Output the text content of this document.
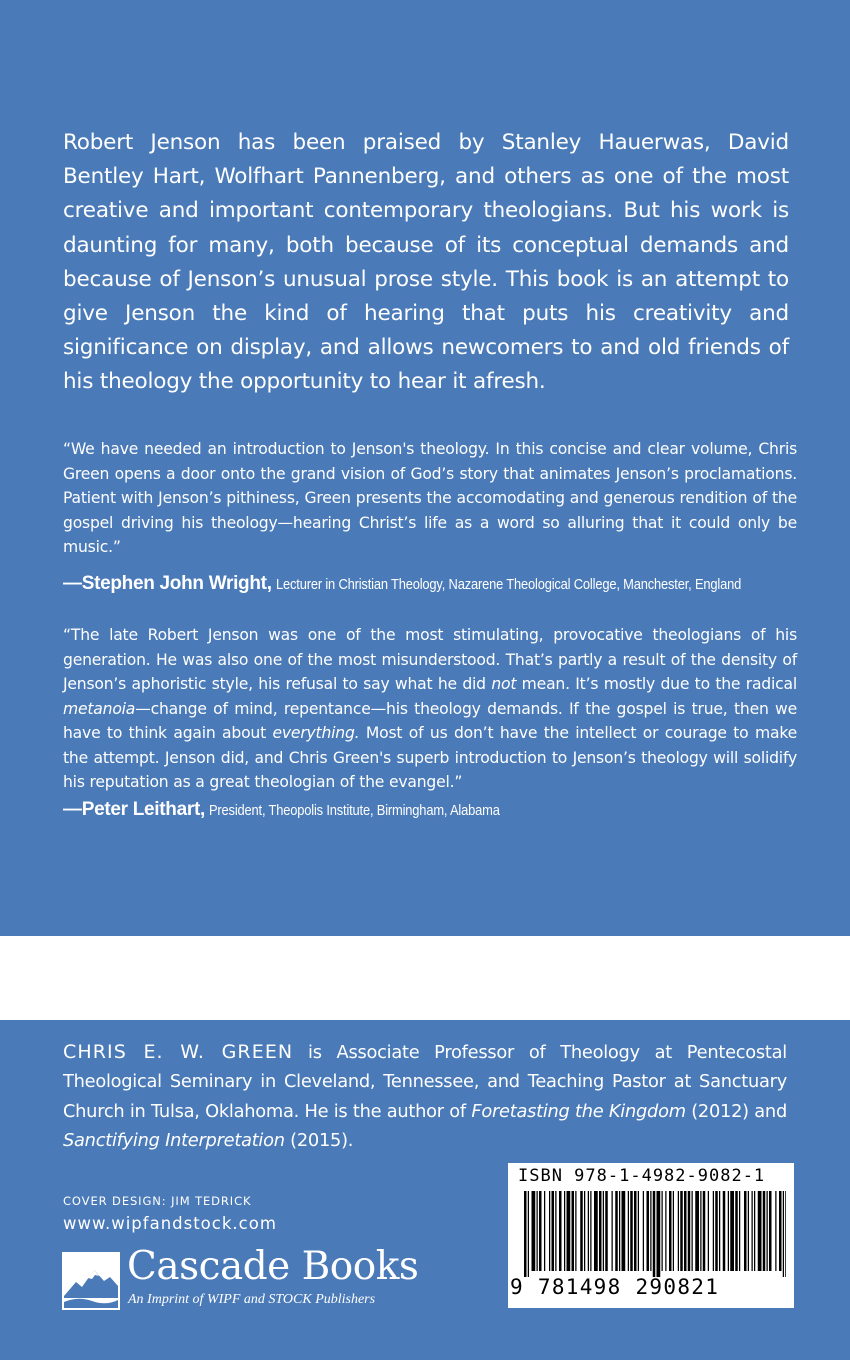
Robert Jenson has been praised by Stanley Hauerwas, David Bentley Hart, Wolfhart Pannenberg, and others as one of the most creative and important contemporary theologians. But his work is daunting for many, both because of its conceptual demands and because of Jenson’s unusual prose style. This book is an attempt to give Jenson the kind of hearing that puts his creativity and significance on display, and allows newcomers to and old friends of his theology the opportunity to hear it afresh.

“We have needed an introduction to Jenson's theology. In this concise and clear volume, Chris Green opens a door onto the grand vision of God’s story that animates Jenson’s proclamations. Patient with Jenson’s pithiness, Green presents the accomodating and generous rendition of the gospel driving his theology—hearing Christ’s life as a word so alluring that it could only be music.”

—Stephen John Wright, Lecturer in Christian Theology, Nazarene Theological College, Manchester, England

“The late Robert Jenson was one of the most stimulating, provocative theologians of his generation. He was also one of the most misunderstood. That’s partly a result of the density of Jenson’s aphoristic style, his refusal to say what he did not mean. It’s mostly due to the radical metanoia—change of mind, repentance—his theology demands. If the gospel is true, then we have to think again about everything. Most of us don’t have the intellect or courage to make the attempt. Jenson did, and Chris Green's superb introduction to Jenson’s theology will solidify his reputation as a great theologian of the evangel.”

—Peter Leithart, President, Theopolis Institute, Birmingham, Alabama

CHRIS E. W. GREEN is Associate Professor of Theology at Pentecostal Theological Seminary in Cleveland, Tennessee, and Teaching Pastor at Sanctuary Church in Tulsa, Oklahoma. He is the author of Foretasting the Kingdom (2012) and Sanctifying Interpretation (2015).

COVER DESIGN: JIM TEDRICK

www.wipfandstock.com

Cascade Books

An Imprint of WIPF and STOCK Publishers

ISBN 978-1-4982-9082-1

9 781498 290821
